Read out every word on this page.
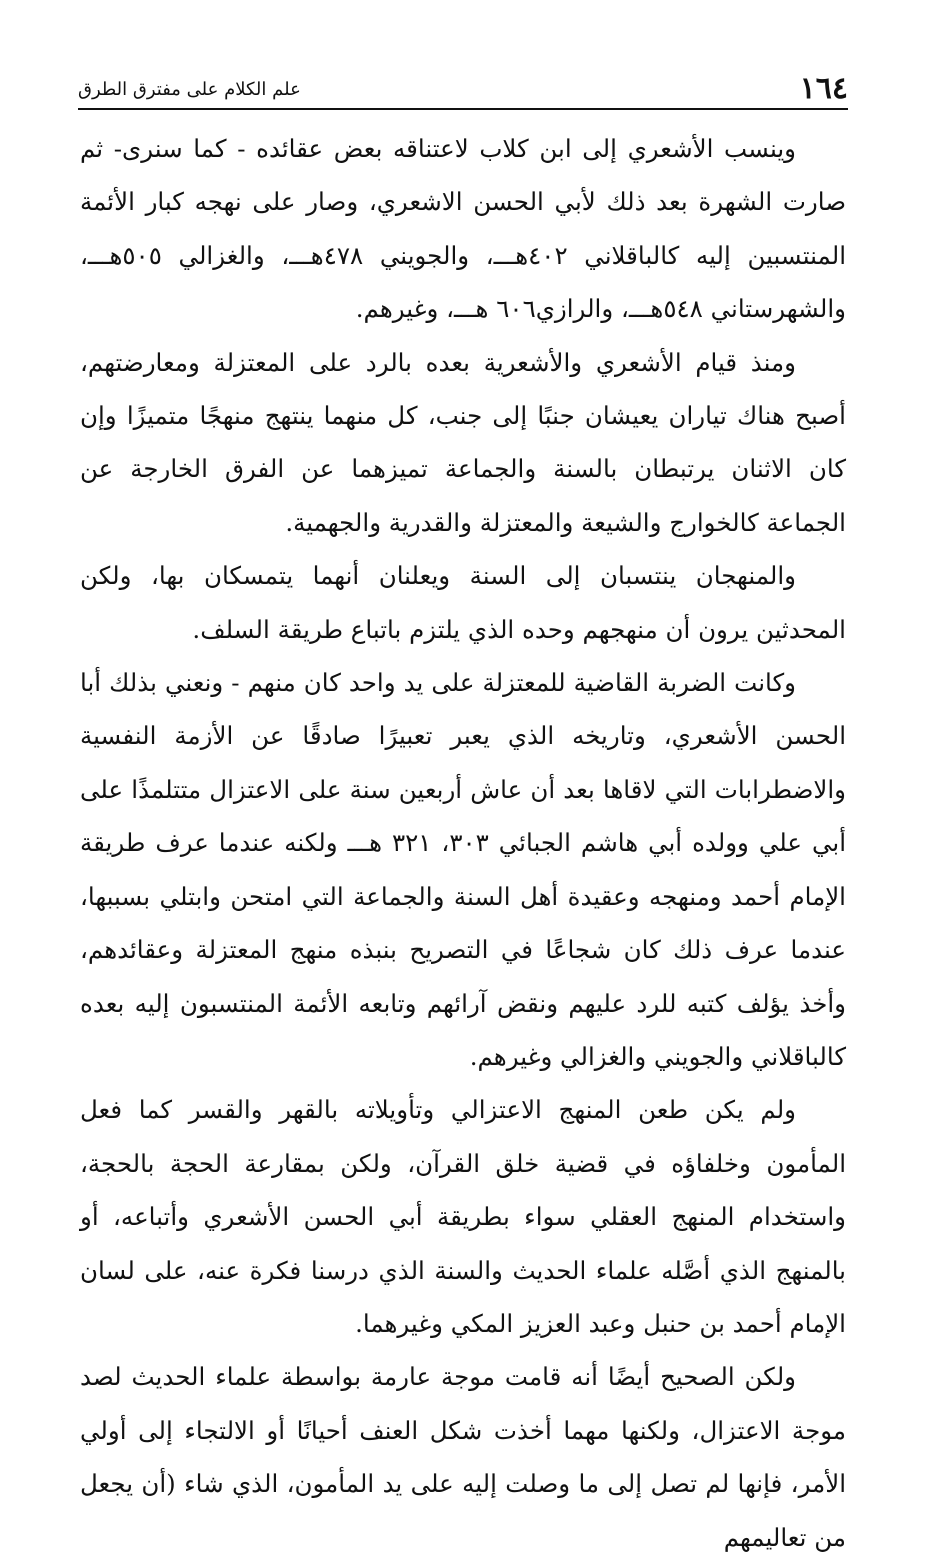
١٦٤
علم الكلام على مفترق الطرق

وينسب الأشعري إلى ابن كلاب لاعتناقه بعض عقائده - كما سنرى- ثم صارت الشهرة بعد ذلك لأبي الحسن الاشعري، وصار على نهجه كبار الأئمة المنتسبين إليه كالباقلاني ٤٠٢هـــ، والجويني ٤٧٨هـــ، والغزالي ٥٠٥هـــ، والشهرستاني ٥٤٨هـــ، والرازي٦٠٦ هـــ، وغيرهم.

ومنذ قيام الأشعري والأشعرية بعده بالرد على المعتزلة ومعارضتهم، أصبح هناك تياران يعيشان جنبًا إلى جنب، كل منهما ينتهج منهجًا متميزًا وإن كان الاثنان يرتبطان بالسنة والجماعة تميزهما عن الفرق الخارجة عن الجماعة كالخوارج والشيعة والمعتزلة والقدرية والجهمية.

والمنهجان ينتسبان إلى السنة ويعلنان أنهما يتمسكان بها، ولكن المحدثين يرون أن منهجهم وحده الذي يلتزم باتباع طريقة السلف.

وكانت الضربة القاضية للمعتزلة على يد واحد كان منهم - ونعني بذلك أبا الحسن الأشعري، وتاريخه الذي يعبر تعبيرًا صادقًا عن الأزمة النفسية والاضطرابات التي لاقاها بعد أن عاش أربعين سنة على الاعتزال متتلمذًا على أبي علي وولده أبي هاشم الجبائي ٣٠٣، ٣٢١ هـــ ولكنه عندما عرف طريقة الإمام أحمد ومنهجه وعقيدة أهل السنة والجماعة التي امتحن وابتلي بسببها، عندما عرف ذلك كان شجاعًا في التصريح بنبذه منهج المعتزلة وعقائدهم، وأخذ يؤلف كتبه للرد عليهم ونقض آرائهم وتابعه الأئمة المنتسبون إليه بعده كالباقلاني والجويني والغزالي وغيرهم.

ولم يكن طعن المنهج الاعتزالي وتأويلاته بالقهر والقسر كما فعل المأمون وخلفاؤه في قضية خلق القرآن، ولكن بمقارعة الحجة بالحجة، واستخدام المنهج العقلي سواء بطريقة أبي الحسن الأشعري وأتباعه، أو بالمنهج الذي أصَّله علماء الحديث والسنة الذي درسنا فكرة عنه، على لسان الإمام أحمد بن حنبل وعبد العزيز المكي وغيرهما.

ولكن الصحيح أيضًا أنه قامت موجة عارمة بواسطة علماء الحديث لصد موجة الاعتزال، ولكنها مهما أخذت شكل العنف أحيانًا أو الالتجاء إلى أولي الأمر، فإنها لم تصل إلى ما وصلت إليه على يد المأمون، الذي شاء (أن يجعل من تعاليمهم
